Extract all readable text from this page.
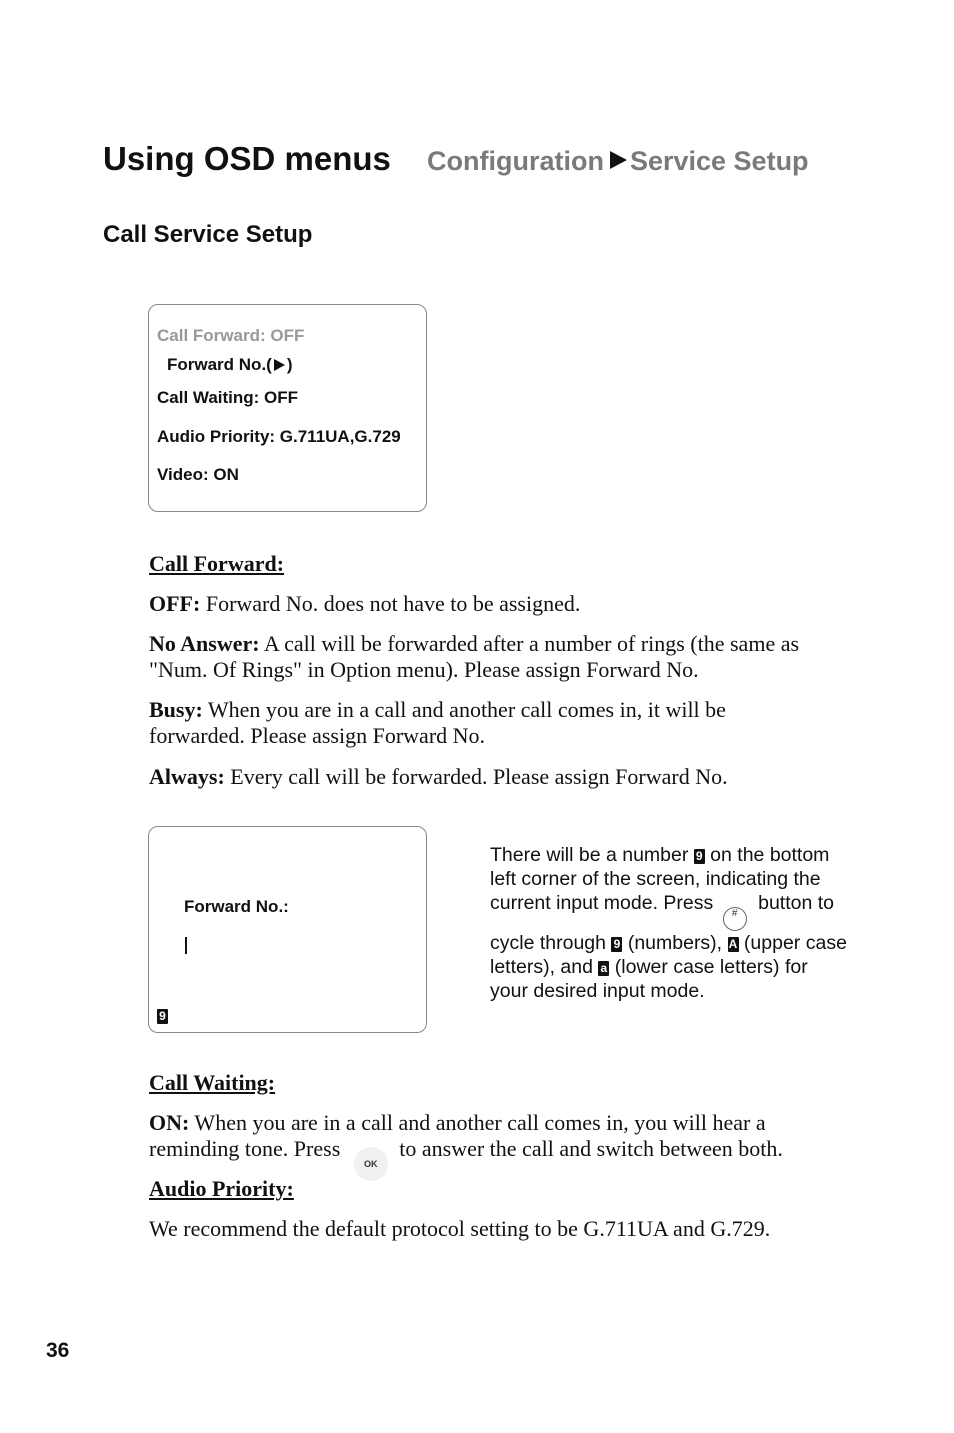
Using OSD menus Configuration Service Setup
Call Service Setup
Call Forward: OFF
Forward No.( )
Call Waiting: OFF
Audio Priority: G.711UA,G.729
Video: ON
Call Forward:
OFF: Forward No. does not have to be assigned.
No Answer: A call will be forwarded after a number of rings (the same as "Num. Of Rings" in Option menu). Please assign Forward No.
Busy: When you are in a call and another call comes in, it will be forwarded. Please assign Forward No.
Always: Every call will be forwarded. Please assign Forward No.
Forward No.:
9
There will be a number 9 on the bottom left corner of the screen, indicating the current input mode. Press # button to cycle through 9 (numbers), A (upper case letters), and a (lower case letters) for your desired input mode.
Call Waiting:
ON: When you are in a call and another call comes in, you will hear a reminding tone. Press OK to answer the call and switch between both.
Audio Priority:
We recommend the default protocol setting to be G.711UA and G.729.
36
